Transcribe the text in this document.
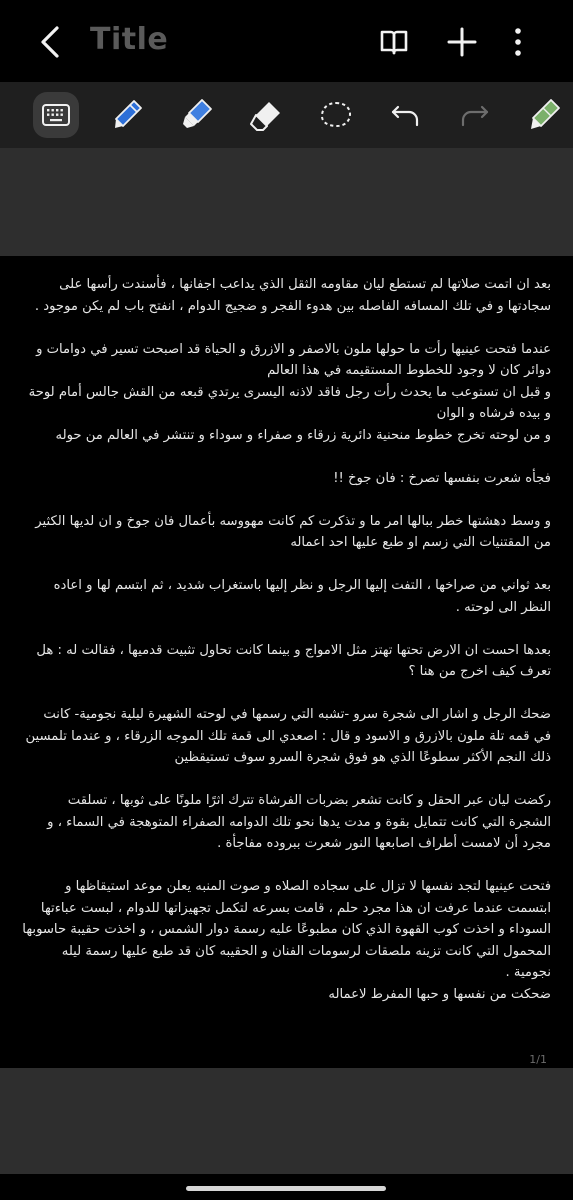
Title

بعد ان اتمت صلاتها لم تستطع ليان مقاومه الثقل الذي يداعب اجفانها ، فأسندت رأسها على سجادتها و في تلك المسافه الفاصله بين هدوء الفجر و ضجيج الدوام ، انفتح باب لم يكن موجود .

عندما فتحت عينيها رأت ما حولها ملون بالاصفر و الازرق و الحياة قد اصبحت تسير في دوامات و دوائر كان لا وجود للخطوط المستقيمه في هذا العالم
و قبل ان تستوعب ما يحدث رأت رجل فاقد لاذنه اليسرى يرتدي قبعه من القش جالس أمام لوحة و بيده فرشاه و الوان
و من لوحته تخرج خطوط منحنية دائرية زرقاء و صفراء و سوداء و تنتشر في العالم من حوله

فجأه شعرت بنفسها تصرخ : فان جوخ !!

و وسط دهشتها خطر ببالها امر ما و تذكرت كم كانت مهووسه بأعمال فان جوخ و ان لديها الكثير من المقتنيات التي زسم او طبع عليها احد اعماله

بعد ثواني من صراخها ، التفت إليها الرجل و نظر إليها باستغراب شديد ، ثم ابتسم لها و اعاده النظر الى لوحته .

بعدها احست ان الارض تحتها تهتز مثل الامواج و بينما كانت تحاول تثبيت قدميها ، فقالت له : هل تعرف كيف اخرج من هنا ؟

ضحك الرجل و اشار الى شجرة سرو -تشبه التي رسمها في لوحته الشهيرة ليلية نجومية- كانت في قمه تلة ملون بالازرق و الاسود و قال : اصعدي الى قمة تلك الموجه الزرقاء ، و عندما تلمسين ذلك النجم الأكثر سطوعًا الذي هو فوق شجرة السرو سوف تستيقظين

ركضت ليان عبر الحقل و كانت تشعر بضربات الفرشاة تترك اثرًا ملونًا على ثوبها ، تسلقت الشجرة التي كانت تتمايل بقوة و مدت يدها نحو تلك الدوامه الصفراء المتوهجة في السماء ، و مجرد أن لامست أطراف اصابعها النور شعرت ببروده مفاجأة .

فتحت عينيها لتجد نفسها لا تزال على سجاده الصلاه و صوت المنبه يعلن موعد استيقاظها و ابتسمت عندما عرفت ان هذا مجرد حلم ، قامت بسرعه لتكمل تجهيزاتها للدوام ، لبست عباءتها السوداء و اخذت كوب القهوة الذي كان مطبوعًا عليه رسمة دوار الشمس ، و اخذت حقيبة حاسوبها المحمول التي كانت تزينه ملصقات لرسومات الفنان و الحقيبه كان قد طبع عليها رسمة ليله نجومية .
ضحكت من نفسها و حبها المفرط لاعماله

1/1
